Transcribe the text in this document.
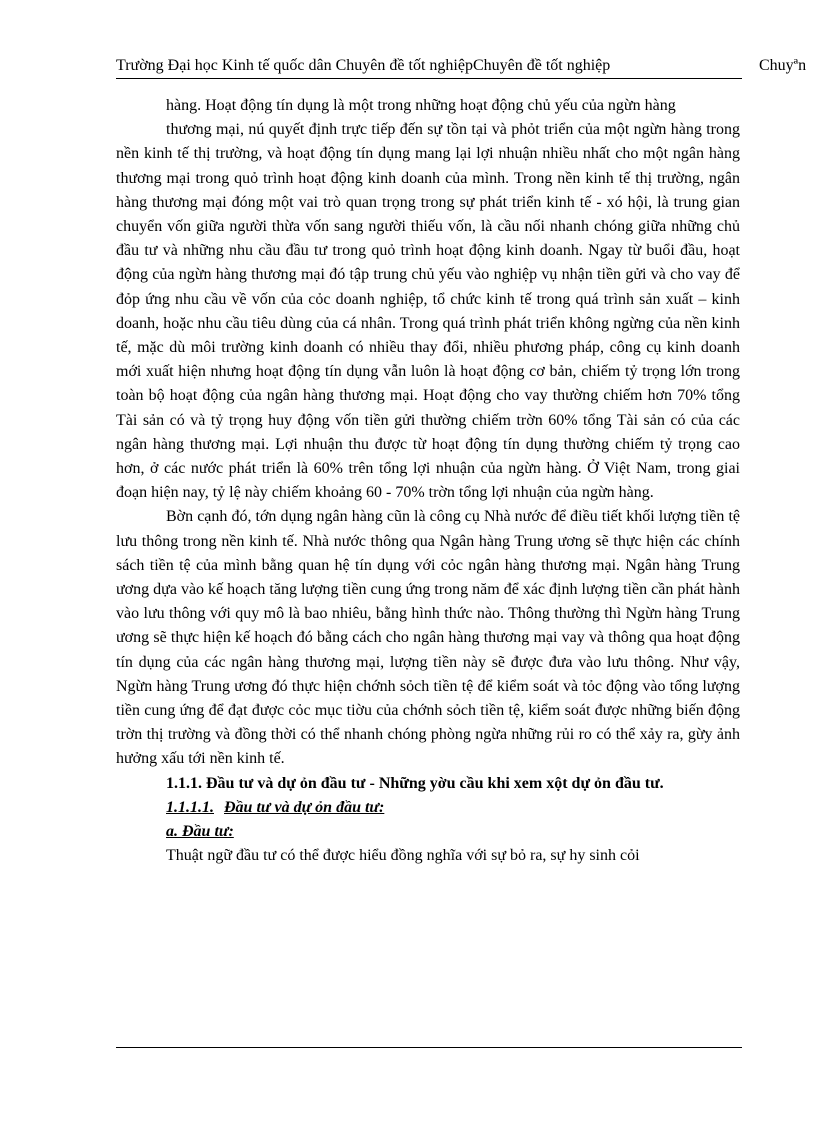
Trường Đại học Kinh tế quốc dân Chuyên đề tốt nghiệpChuyên đề tốt nghiệp	Chuyªn

hàng. Hoạt động tín dụng là một trong những hoạt động chủ yếu của ngừn hàng

thương mại, nú quyết định trực tiếp đến sự tồn tại và phỏt triển của một ngừn hàng trong nền kinh tế thị trường, và hoạt động tín dụng mang lại lợi nhuận nhiều nhất cho một ngân hàng thương mại trong quỏ trình hoạt động kinh doanh của mình. Trong nền kinh tế thị trường, ngân hàng thương mại đóng một vai trò quan trọng trong sự phát triển kinh tế - xó hội, là trung gian chuyển vốn giữa người thừa vốn sang người thiếu vốn, là cầu nối nhanh chóng giữa những chủ đầu tư và những nhu cầu đầu tư trong quỏ trình hoạt động kinh doanh. Ngay từ buổi đầu, hoạt động của ngừn hàng thương mại đó tập trung chủ yếu vào nghiệp vụ nhận tiền gửi và cho vay để đỏp ứng nhu cầu về vốn của cỏc doanh nghiệp, tổ chức kinh tế trong quá trình sản xuất – kinh doanh, hoặc nhu cầu tiêu dùng của cá nhân. Trong quá trình phát triển không ngừng của nền kinh tế, mặc dù môi trường kinh doanh có nhiều thay đổi, nhiều phương pháp, công cụ kinh doanh mới xuất hiện nhưng hoạt động tín dụng vẫn luôn là hoạt động cơ bản, chiếm tỷ trọng lớn trong toàn bộ hoạt động của ngân hàng thương mại. Hoạt động cho vay thường chiếm hơn 70% tổng Tài sản có và tỷ trọng huy động vốn tiền gửi thường chiếm trờn 60% tổng Tài sản có của các ngân hàng thương mại. Lợi nhuận thu được từ hoạt động tín dụng thường chiếm tỷ trọng cao hơn, ở các nước phát triển là 60% trên tổng lợi nhuận của ngừn hàng. Ở Việt Nam, trong giai đoạn hiện nay, tỷ lệ này chiếm khoảng 60 - 70% trờn tổng lợi nhuận của ngừn hàng.

Bờn cạnh đó, tớn dụng ngân hàng cũn là công cụ Nhà nước để điều tiết khối lượng tiền tệ lưu thông trong nền kinh tế. Nhà nước thông qua Ngân hàng Trung ương sẽ thực hiện các chính sách tiền tệ của mình bằng quan hệ tín dụng với cỏc ngân hàng thương mại. Ngân hàng Trung ương dựa vào kế hoạch tăng lượng tiền cung ứng trong năm để xác định lượng tiền cần phát hành vào lưu thông với quy mô là bao nhiêu, bằng hình thức nào. Thông thường thì Ngừn hàng Trung ương sẽ thực hiện kế hoạch đó bằng cách cho ngân hàng thương mại vay và thông qua hoạt động tín dụng của các ngân hàng thương mại, lượng tiền này sẽ được đưa vào lưu thông. Như vậy, Ngừn hàng Trung ương đó thực hiện chớnh sỏch tiền tệ để kiểm soát và tỏc động vào tổng lượng tiền cung ứng để đạt được cỏc mục tiờu của chớnh sỏch tiền tệ, kiểm soát được những biến động trờn thị trường và đồng thời có thể nhanh chóng phòng ngừa những rủi ro có thể xảy ra, gừy ảnh hưởng xấu tới nền kinh tế.

1.1.1. Đầu tư và dự ỏn đầu tư - Những yờu cầu khi xem xột dự ỏn đầu tư.

1.1.1.1. Đầu tư và dự ỏn đầu tư:

a. Đầu tư:

Thuật ngữ đầu tư có thể được hiểu đồng nghĩa với sự bỏ ra, sự hy sinh cỏi
